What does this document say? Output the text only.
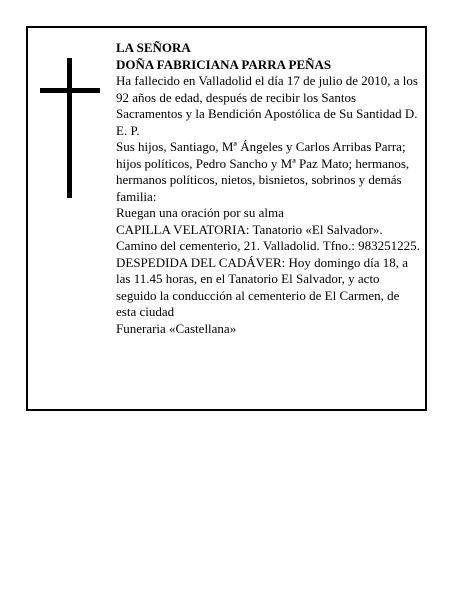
LA SEÑORA

DOÑA FABRICIANA PARRA PEÑAS

Ha fallecido en Valladolid el día 17 de julio de 2010, a los 92 años de edad, después de recibir los Santos Sacramentos y la Bendición Apostólica de Su Santidad D. E. P.

Sus hijos, Santiago, Mª Ángeles y Carlos Arribas Parra; hijos políticos, Pedro Sancho y Mª Paz Mato; hermanos, hermanos políticos, nietos, bisnietos, sobrinos y demás familia:

Ruegan una oración por su alma

CAPILLA VELATORIA: Tanatorio «El Salvador». Camino del cementerio, 21. Valladolid. Tfno.: 983251225.

DESPEDIDA DEL CADÁVER: Hoy domingo día 18, a las 11.45 horas, en el Tanatorio El Salvador, y acto seguido la conducción al cementerio de El Carmen, de esta ciudad

Funeraria «Castellana»
